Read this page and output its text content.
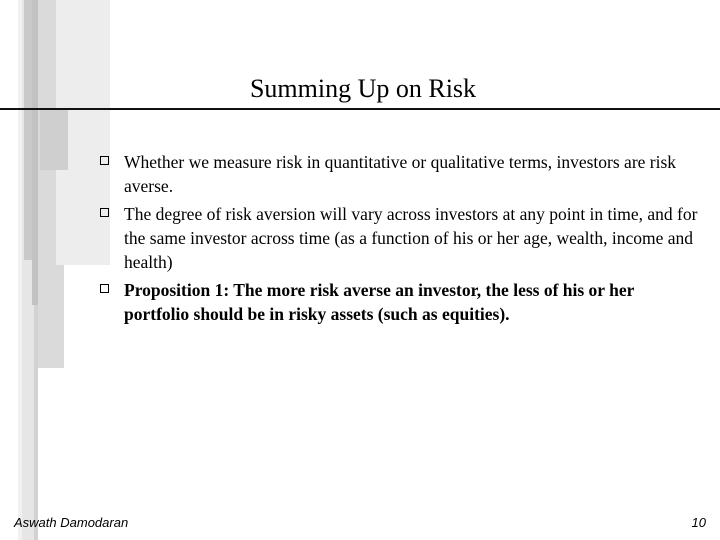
Summing Up on Risk
Whether we measure risk in quantitative or qualitative terms, investors are risk averse.
The degree of risk aversion will vary across investors at any point in time, and for the same investor across time (as a function of his or her age, wealth, income and health)
Proposition 1: The more risk averse an investor, the less of his or her portfolio should be in risky assets (such as equities).
Aswath Damodaran	10
